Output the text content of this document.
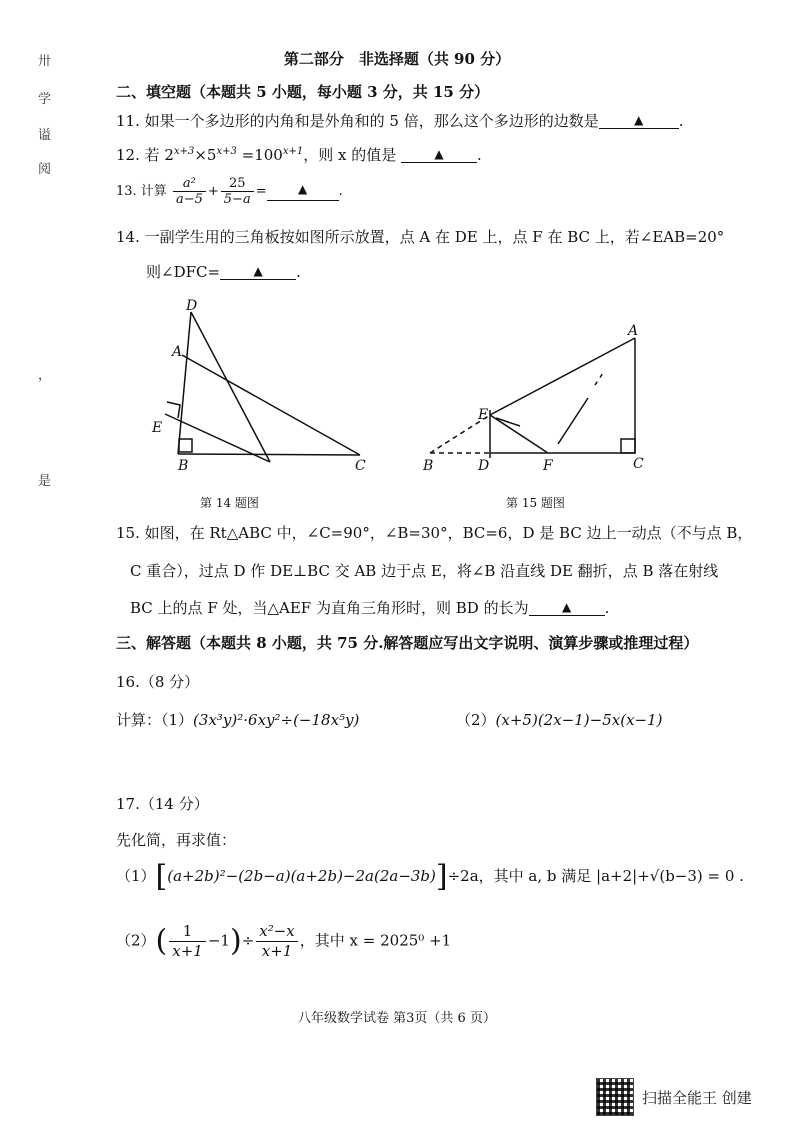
卅
学
谥
阅
，
是
第二部分　非选择题（共 90 分）
二、填空题（本题共 5 小题，每小题 3 分，共 15 分）
11. 如果一个多边形的内角和是外角和的 5 倍，那么这个多边形的边数是	▲ .
12. 若 $2^{x+3}\times 5^{x+3} =100^{x+1}$，则 x 的值是	▲ .
13. 计算 $\frac{\text{a²}}{a-5} + \frac{25}{5-a}$ =	▲ .
14. 一副学生用的三角板按如图所示放置，点 A 在 DE 上，点 F 在 BC 上，若∠EAB=20°
则∠DFC=	▲ .
D
A
E
B	C
第 14 题图
A
E
B	D	F	C
第 15 题图
15. 如图，在 Rt△ABC 中，∠C=90°，∠B=30°，BC=6，D 是 BC 边上一动点（不与点 B，
C 重合），过点 D 作 DE⊥BC 交 AB 边于点 E，将∠B 沿直线 DE 翻折，点 B 落在射线
BC 上的点 F 处，当△AEF 为直角三角形时，则 BD 的长为	▲ .
三、解答题（本题共 8 小题，共 75 分.解答题应写出文字说明、演算步骤或推理过程）
16.（8 分）
计算：（1）(3x³y)²·6xy²÷(−18x⁵y)	（2）(x+5)(2x−1)−5x(x−1)
17.（14 分）
先化简，再求值：
（1）[(a+2b)²−(2b−a)(a+2b)−2a(2a−3b)]÷2a，其中 a, b 满足 |a+2|+√(b−3) = 0 .
$(2)( \frac{1}{x+1} -1)\div \frac{\text{x²−x}}{x+1}$ ，其中 x = 2025⁰ +1
八年级数学试卷 第3页（共 6 页）
扫描全能王 创建
